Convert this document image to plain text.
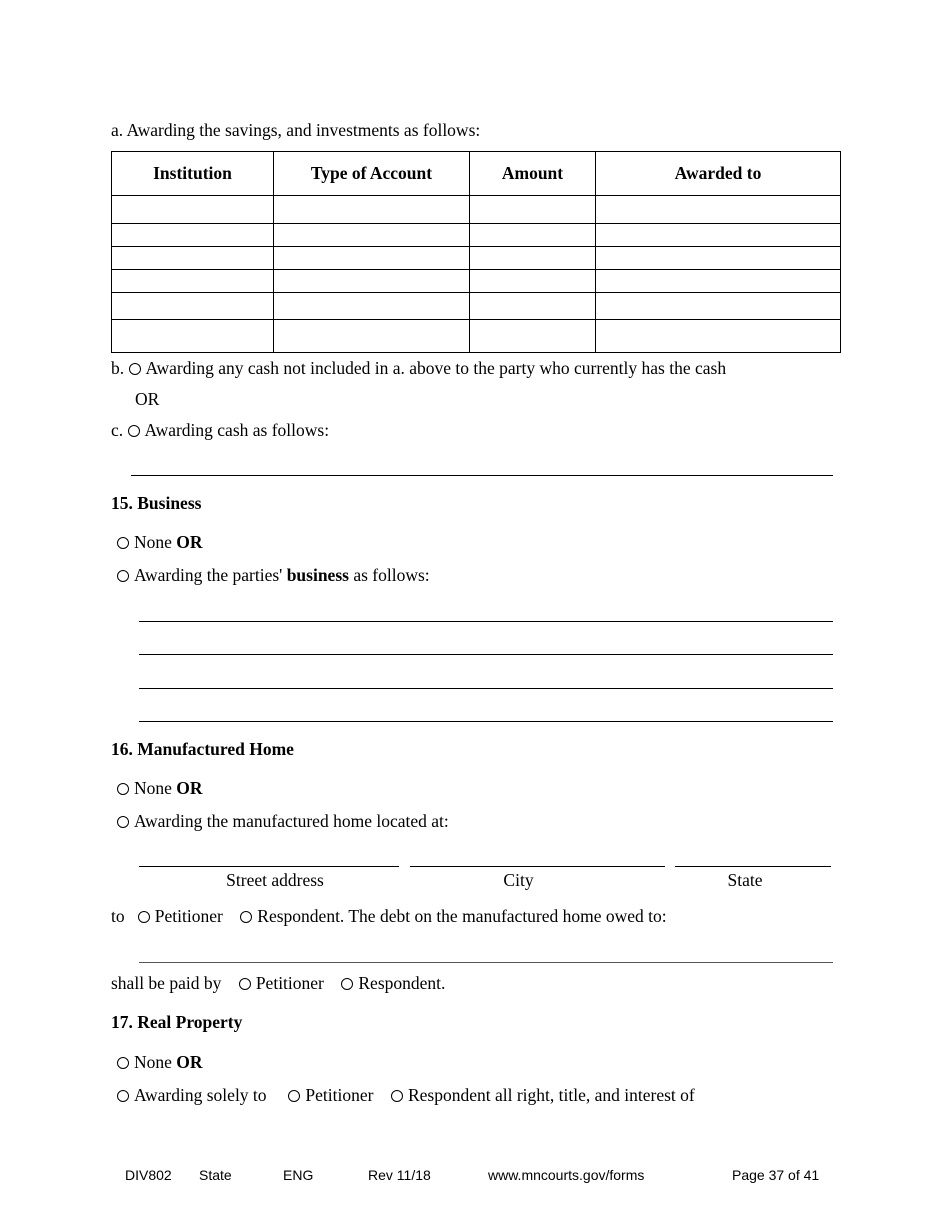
a. Awarding the savings, and investments as follows:
Institution	Type of Account	Amount	Awarded to

b. Awarding any cash not included in a. above to the party who currently has the cash
OR
c. Awarding cash as follows:
15. Business
None OR
Awarding the parties' business as follows:
16. Manufactured Home
None OR
Awarding the manufactured home located at:
Street address	City	State
to Petitioner Respondent. The debt on the manufactured home owed to:
shall be paid by Petitioner Respondent.
17. Real Property
None OR
Awarding solely to Petitioner Respondent all right, title, and interest of
DIV802 State	ENG	Rev 11/18	www.mncourts.gov/forms	Page 37 of 41
